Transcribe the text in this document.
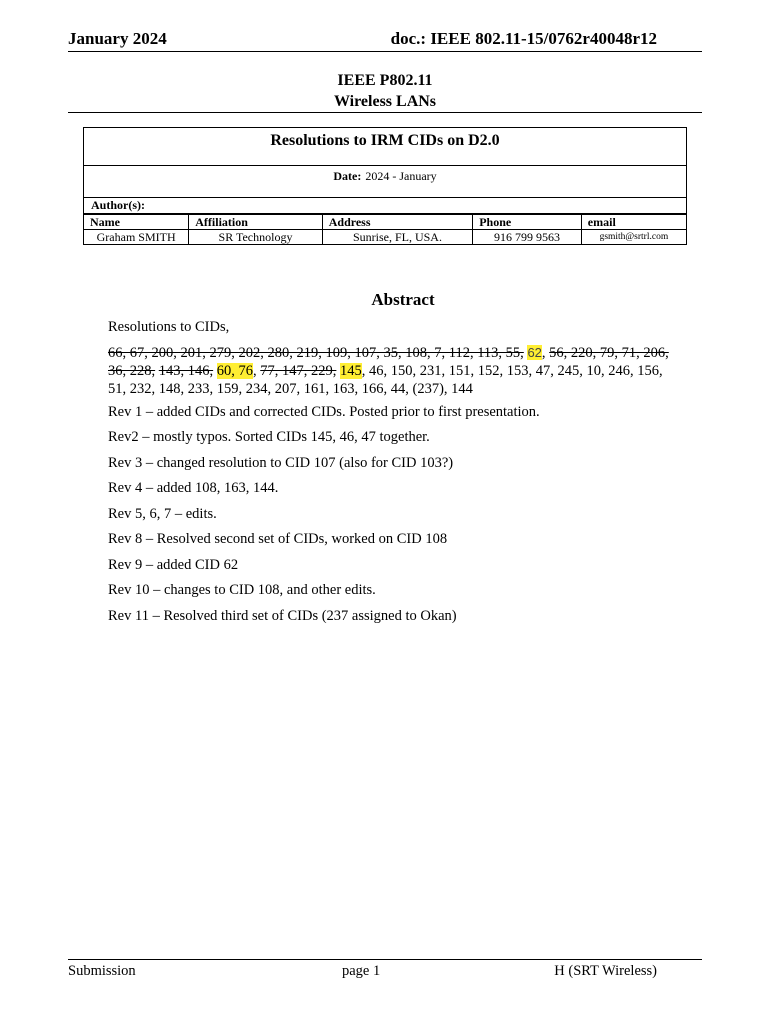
January 2024	doc.: IEEE 802.11-15/0762r40048r12
IEEE P802.11
Wireless LANs
Resolutions to IRM CIDs on D2.0
Date: 2024 - January
Author(s):
Name	Affiliation	Address	Phone	email
Graham SMITH	SR Technology	Sunrise, FL, USA.	916 799 9563	gsmith@srtrl.com
Abstract

Resolutions to CIDs,

66, 67, 200, 201, 279, 202, 280, 219, 109, 107, 35, 108, 7, 112, 113, 55, 62, 56, 220, 79, 71, 206, 36, 228, 143, 146, 60, 76, 77, 147, 229, 145, 46, 150, 231, 151, 152, 153, 47, 245, 10, 246, 156, 51, 232, 148, 233, 159, 234, 207, 161, 163, 166, 44, (237), 144

Rev 1 – added CIDs and corrected CIDs. Posted prior to first presentation.

Rev2 – mostly typos. Sorted CIDs 145, 46, 47 together.

Rev 3 – changed resolution to CID 107 (also for CID 103?)

Rev 4 – added 108, 163, 144.

Rev 5, 6, 7 – edits.

Rev 8 – Resolved second set of CIDs, worked on CID 108

Rev 9 – added CID 62

Rev 10 – changes to CID 108, and other edits.

Rev 11 – Resolved third set of CIDs (237 assigned to Okan)

Submission	page 1	H (SRT Wireless)
